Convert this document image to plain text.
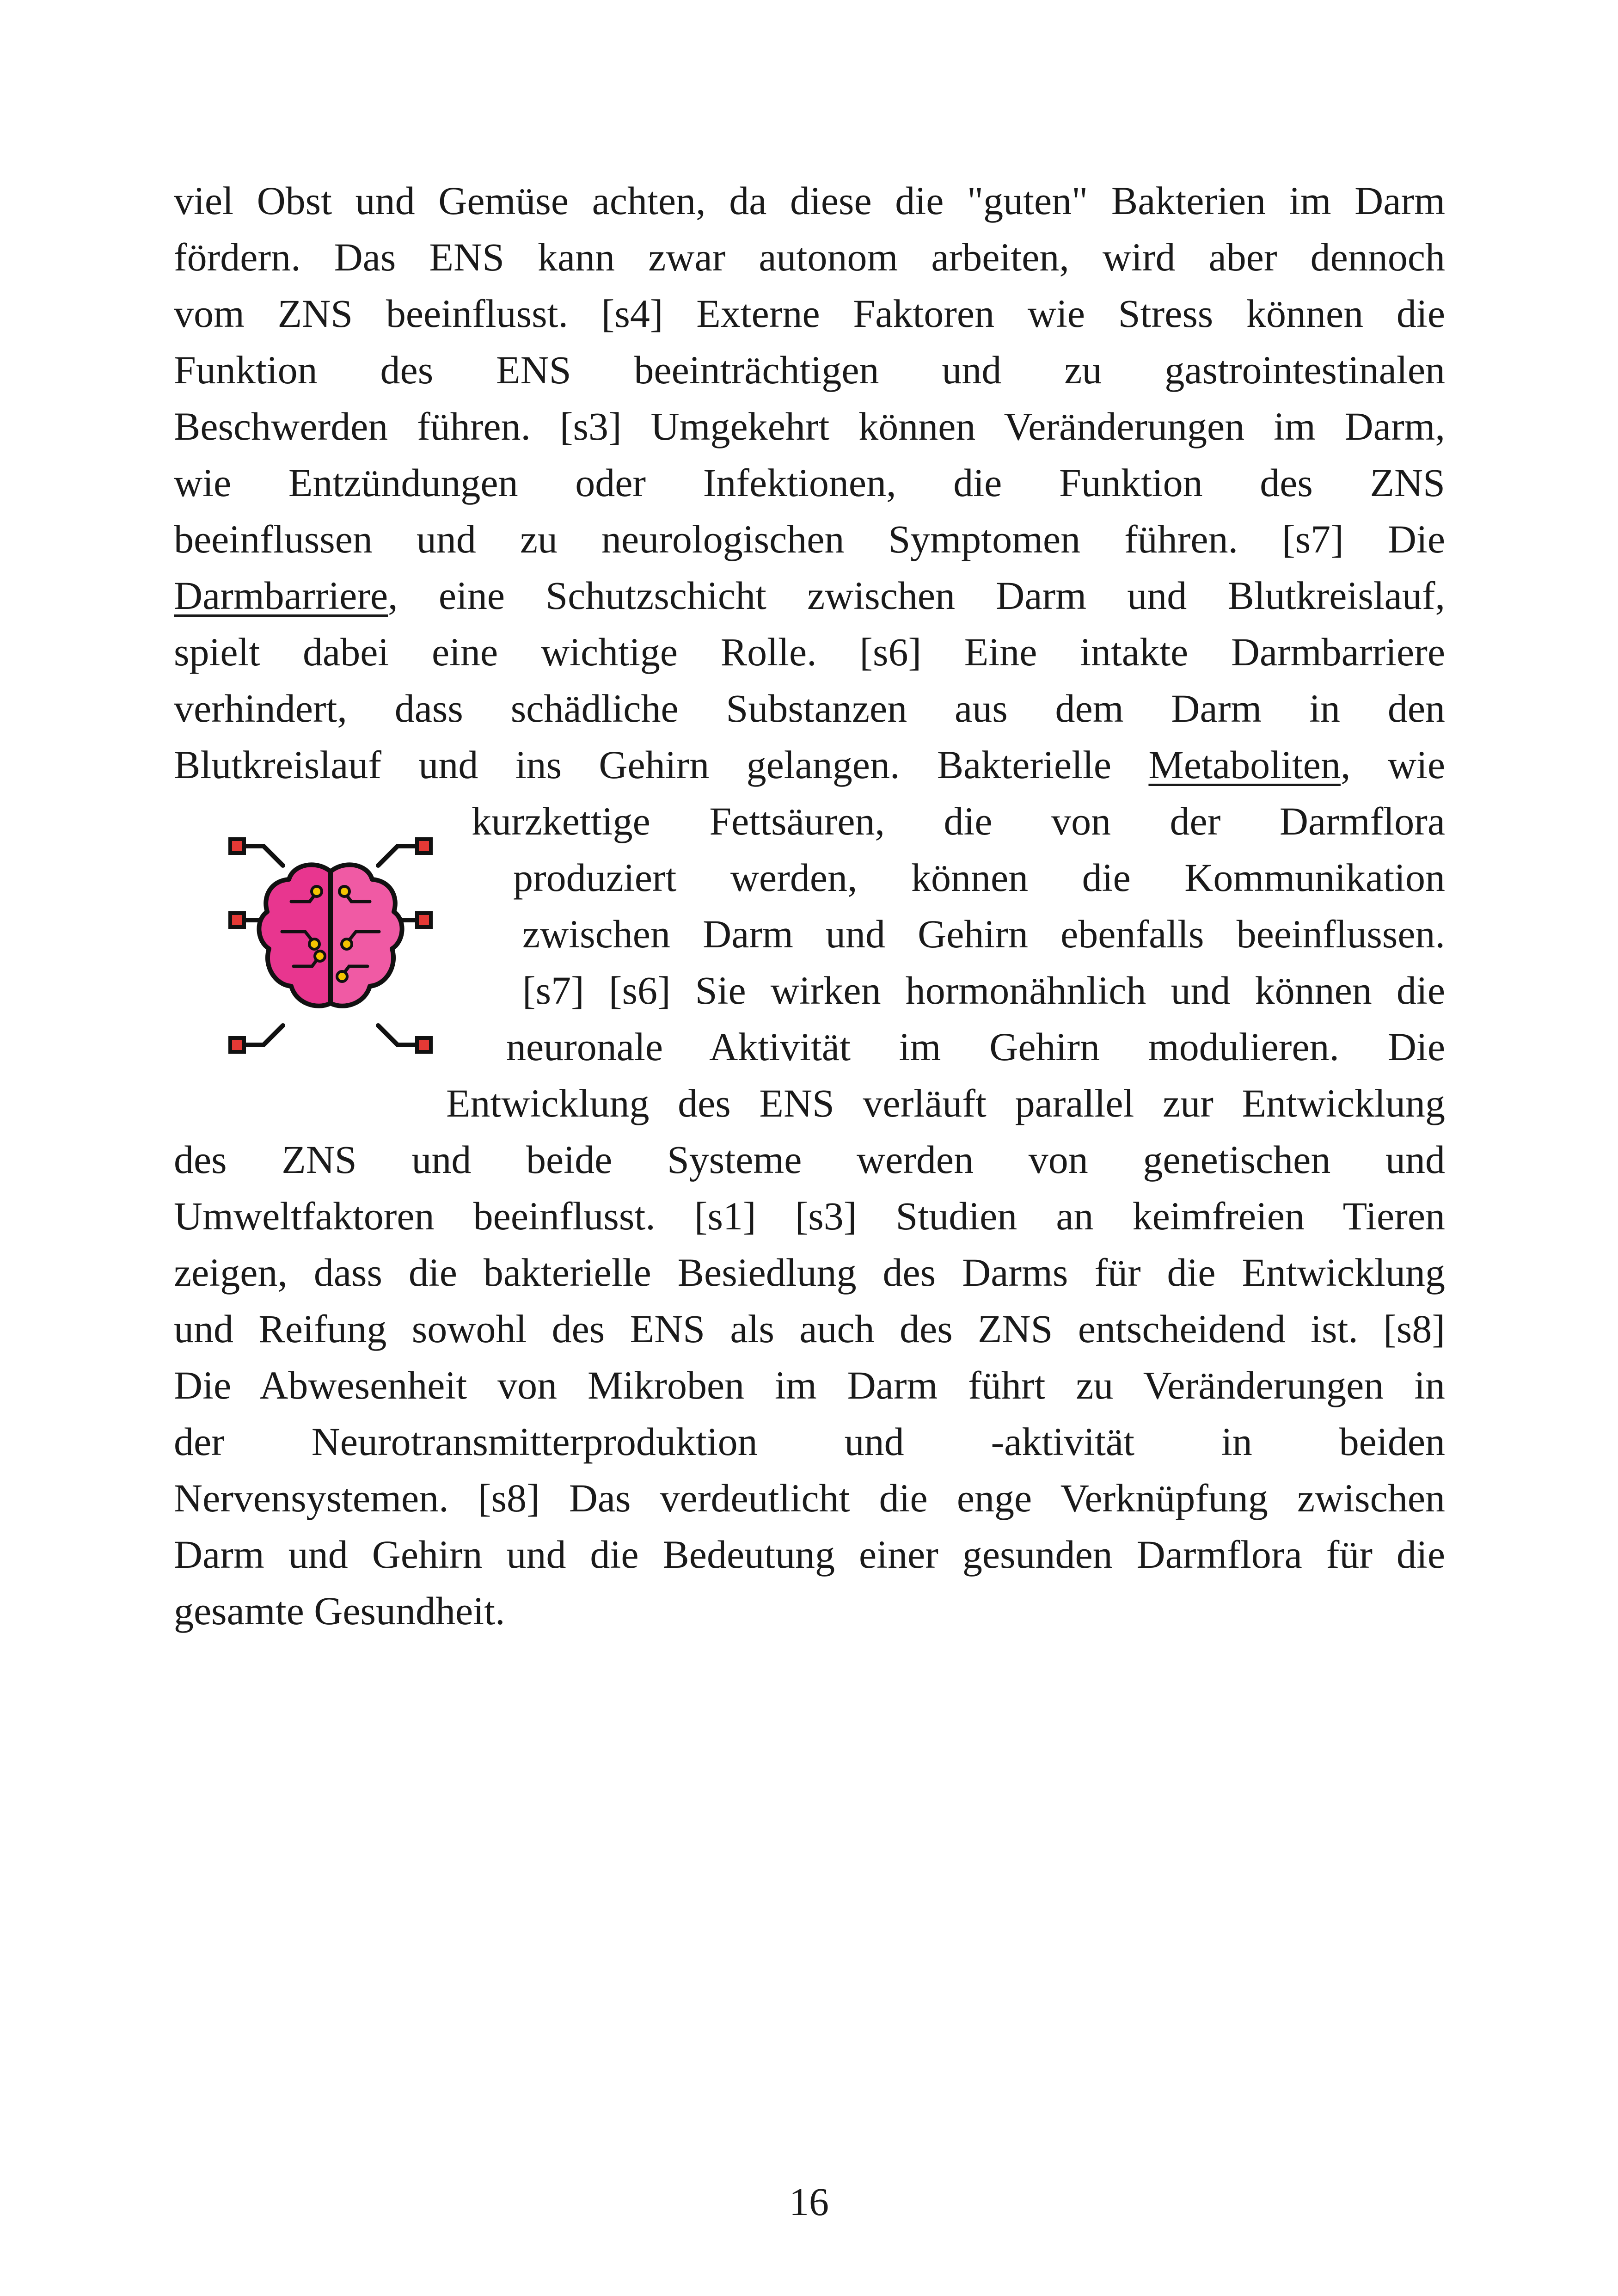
viel Obst und Gemüse achten, da diese die "guten" Bakterien im Darm
fördern. Das ENS kann zwar autonom arbeiten, wird aber dennoch
vom ZNS beeinflusst. [s4] Externe Faktoren wie Stress können die
Funktion des ENS beeinträchtigen und zu gastrointestinalen
Beschwerden führen. [s3] Umgekehrt können Veränderungen im Darm,
wie Entzündungen oder Infektionen, die Funktion des ZNS
beeinflussen und zu neurologischen Symptomen führen. [s7] Die
Darmbarriere, eine Schutzschicht zwischen Darm und Blutkreislauf,
spielt dabei eine wichtige Rolle. [s6] Eine intakte Darmbarriere
verhindert, dass schädliche Substanzen aus dem Darm in den
Blutkreislauf und ins Gehirn gelangen. Bakterielle Metaboliten, wie
kurzkettige Fettsäuren, die von der Darmflora
produziert werden, können die Kommunikation
zwischen Darm und Gehirn ebenfalls beeinflussen.
[s7] [s6] Sie wirken hormonähnlich und können die
neuronale Aktivität im Gehirn modulieren. Die
Entwicklung des ENS verläuft parallel zur Entwicklung
des ZNS und beide Systeme werden von genetischen und
Umweltfaktoren beeinflusst. [s1] [s3] Studien an keimfreien Tieren
zeigen, dass die bakterielle Besiedlung des Darms für die Entwicklung
und Reifung sowohl des ENS als auch des ZNS entscheidend ist. [s8]
Die Abwesenheit von Mikroben im Darm führt zu Veränderungen in
der Neurotransmitterproduktion und -aktivität in beiden
Nervensystemen. [s8] Das verdeutlicht die enge Verknüpfung zwischen
Darm und Gehirn und die Bedeutung einer gesunden Darmflora für die
gesamte Gesundheit.
16
